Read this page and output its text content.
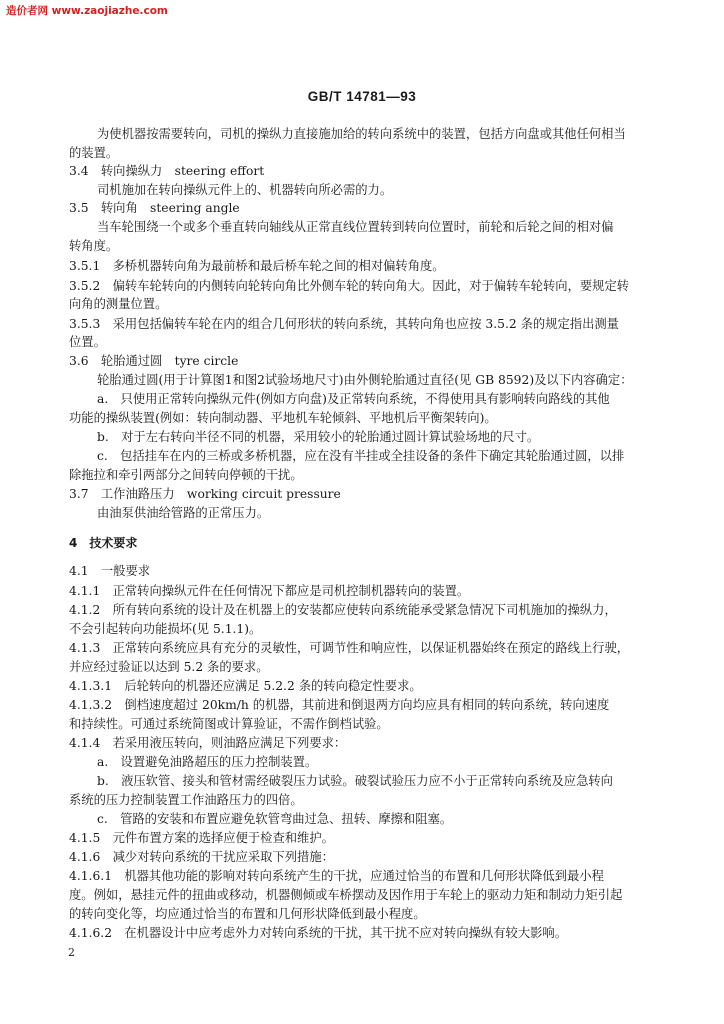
造价者网 www.zaojiazhe.com
GB/T 14781—93
为使机器按需要转向，司机的操纵力直接施加给的转向系统中的装置，包括方向盘或其他任何相当
的装置。
3.4　转向操纵力　steering effort
司机施加在转向操纵元件上的、机器转向所必需的力。
3.5　转向角　steering angle
当车轮围绕一个或多个垂直转向轴线从正常直线位置转到转向位置时，前轮和后轮之间的相对偏
转角度。
3.5.1　多桥机器转向角为最前桥和最后桥车轮之间的相对偏转角度。
3.5.2　偏转车轮转向的内侧转向轮转向角比外侧车轮的转向角大。因此，对于偏转车轮转向，要规定转
向角的测量位置。
3.5.3　采用包括偏转车轮在内的组合几何形状的转向系统，其转向角也应按 3.5.2 条的规定指出测量
位置。
3.6　轮胎通过圆　tyre circle
轮胎通过圆(用于计算图1和图2试验场地尺寸)由外侧轮胎通过直径(见 GB 8592)及以下内容确定：
a.　只使用正常转向操纵元件(例如方向盘)及正常转向系统，不得使用具有影响转向路线的其他
功能的操纵装置(例如：转向制动器、平地机车轮倾斜、平地机后平衡架转向)。
b.　对于左右转向半径不同的机器，采用较小的轮胎通过圆计算试验场地的尺寸。
c.　包括挂车在内的三桥或多桥机器，应在没有半挂或全挂设备的条件下确定其轮胎通过圆，以排
除拖拉和牵引两部分之间转向停顿的干扰。
3.7　工作油路压力　working circuit pressure
由油泵供油给管路的正常压力。
4　技术要求
4.1　一般要求
4.1.1　正常转向操纵元件在任何情况下都应是司机控制机器转向的装置。
4.1.2　所有转向系统的设计及在机器上的安装都应使转向系统能承受紧急情况下司机施加的操纵力，
不会引起转向功能损坏(见 5.1.1)。
4.1.3　正常转向系统应具有充分的灵敏性，可调节性和响应性，以保证机器始终在预定的路线上行驶，
并应经过验证以达到 5.2 条的要求。
4.1.3.1　后轮转向的机器还应满足 5.2.2 条的转向稳定性要求。
4.1.3.2　倒档速度超过 20km/h 的机器，其前进和倒退两方向均应具有相同的转向系统，转向速度
和持续性。可通过系统简图或计算验证，不需作倒档试验。
4.1.4　若采用液压转向，则油路应满足下列要求：
a.　设置避免油路超压的压力控制装置。
b.　液压软管、接头和管材需经破裂压力试验。破裂试验压力应不小于正常转向系统及应急转向
系统的压力控制装置工作油路压力的四倍。
c.　管路的安装和布置应避免软管弯曲过急、扭转、摩擦和阻塞。
4.1.5　元件布置方案的选择应便于检查和维护。
4.1.6　减少对转向系统的干扰应采取下列措施：
4.1.6.1　机器其他功能的影响对转向系统产生的干扰，应通过恰当的布置和几何形状降低到最小程
度。例如，悬挂元件的扭曲或移动，机器侧倾或车桥摆动及因作用于车轮上的驱动力矩和制动力矩引起
的转向变化等，均应通过恰当的布置和几何形状降低到最小程度。
4.1.6.2　在机器设计中应考虑外力对转向系统的干扰，其干扰不应对转向操纵有较大影响。
2
